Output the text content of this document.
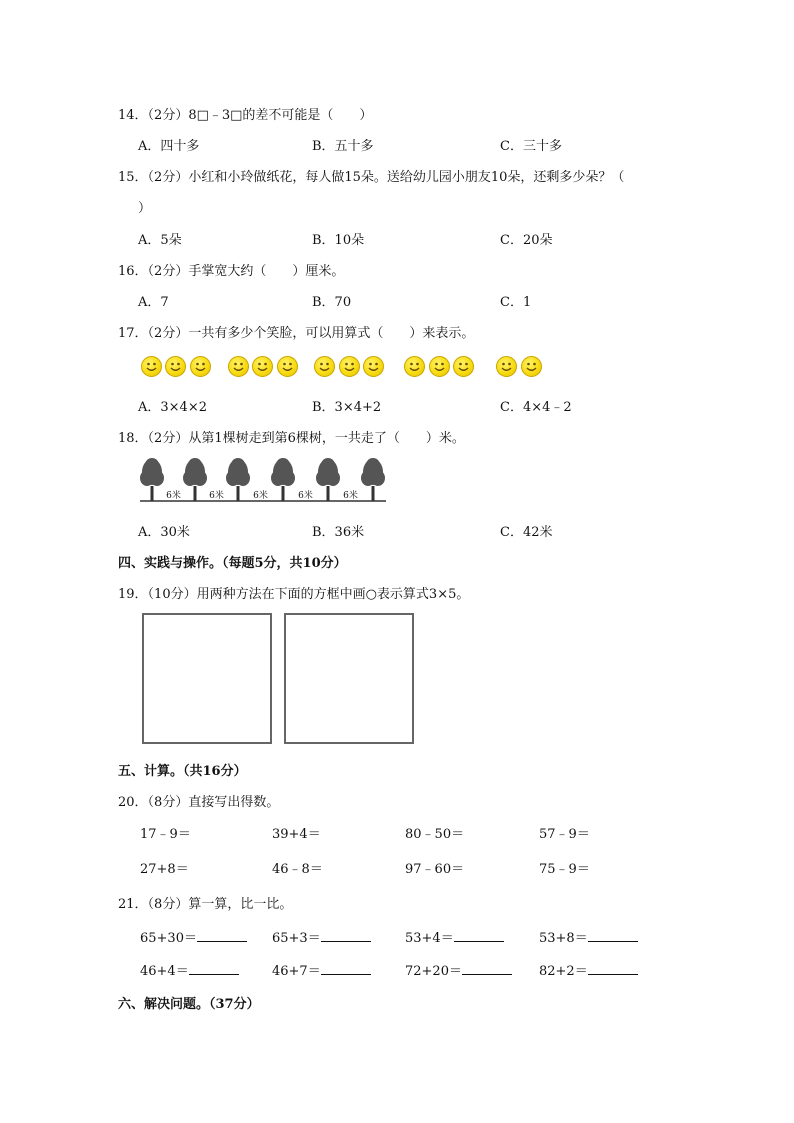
14．（2分）8□﹣3□的差不可能是（　　）
A．四十多	B．五十多	C．三十多
15．（2分）小红和小玲做纸花，每人做15朵。送给幼儿园小朋友10朵，还剩多少朵？（
）
A．5朵	B．10朵	C．20朵
16．（2分）手掌宽大约（　　）厘米。
A．7	B．70	C．1
17．（2分）一共有多少个笑脸，可以用算式（　　）来表示。
A．3×4×2	B．3×4+2	C．4×4﹣2
18．（2分）从第1棵树走到第6棵树，一共走了（　　）米。
6米	6米	6米	6米	6米
A．30米	B．36米	C．42米
四、实践与操作。（每题5分，共10分）
19．（10分）用两种方法在下面的方框中画○表示算式3×5。
五、计算。（共16分）
20．（8分）直接写出得数。
17﹣9＝	39+4＝	80﹣50＝	57﹣9＝
27+8＝	46﹣8＝	97﹣60＝	75﹣9＝
21．（8分）算一算，比一比。
65+30＝	65+3＝	53+4＝	53+8＝
46+4＝	46+7＝	72+20＝	82+2＝
六、解决问题。（37分）
